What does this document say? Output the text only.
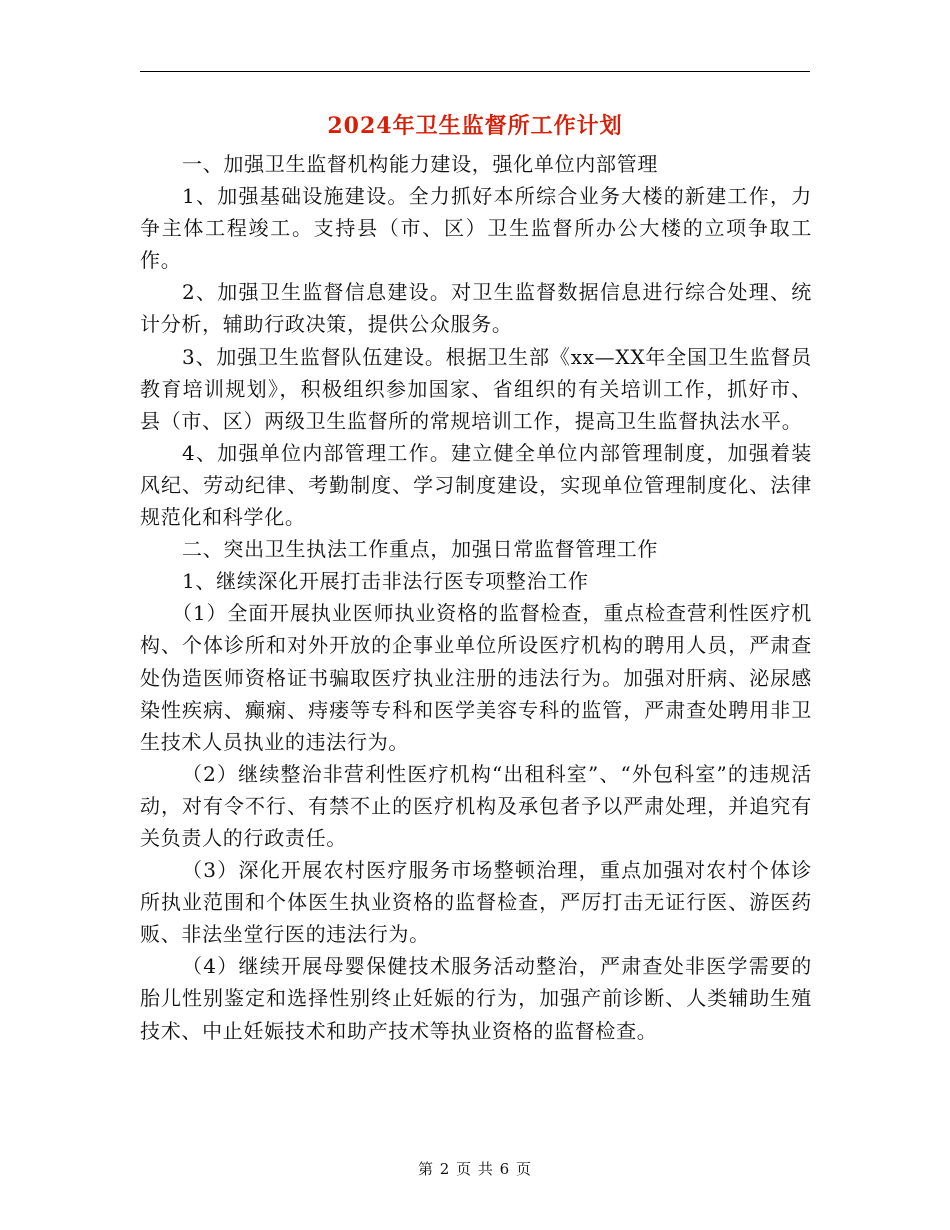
2024年卫生监督所工作计划

一、加强卫生监督机构能力建设，强化单位内部管理

1、加强基础设施建设。全力抓好本所综合业务大楼的新建工作，力争主体工程竣工。支持县（市、区）卫生监督所办公大楼的立项争取工作。

2、加强卫生监督信息建设。对卫生监督数据信息进行综合处理、统计分析，辅助行政决策，提供公众服务。

3、加强卫生监督队伍建设。根据卫生部《xx—XX年全国卫生监督员教育培训规划》，积极组织参加国家、省组织的有关培训工作，抓好市、县（市、区）两级卫生监督所的常规培训工作，提高卫生监督执法水平。

4、加强单位内部管理工作。建立健全单位内部管理制度，加强着装风纪、劳动纪律、考勤制度、学习制度建设，实现单位管理制度化、法律规范化和科学化。

二、突出卫生执法工作重点，加强日常监督管理工作

1、继续深化开展打击非法行医专项整治工作

（1）全面开展执业医师执业资格的监督检查，重点检查营利性医疗机构、个体诊所和对外开放的企事业单位所设医疗机构的聘用人员，严肃查处伪造医师资格证书骗取医疗执业注册的违法行为。加强对肝病、泌尿感染性疾病、癫痫、痔瘘等专科和医学美容专科的监管，严肃查处聘用非卫生技术人员执业的违法行为。

（2）继续整治非营利性医疗机构“出租科室”、“外包科室”的违规活动，对有令不行、有禁不止的医疗机构及承包者予以严肃处理，并追究有关负责人的行政责任。

（3）深化开展农村医疗服务市场整顿治理，重点加强对农村个体诊所执业范围和个体医生执业资格的监督检查，严厉打击无证行医、游医药贩、非法坐堂行医的违法行为。

（4）继续开展母婴保健技术服务活动整治，严肃查处非医学需要的胎儿性别鉴定和选择性别终止妊娠的行为，加强产前诊断、人类辅助生殖技术、中止妊娠技术和助产技术等执业资格的监督检查。

第 2 页 共 6 页
